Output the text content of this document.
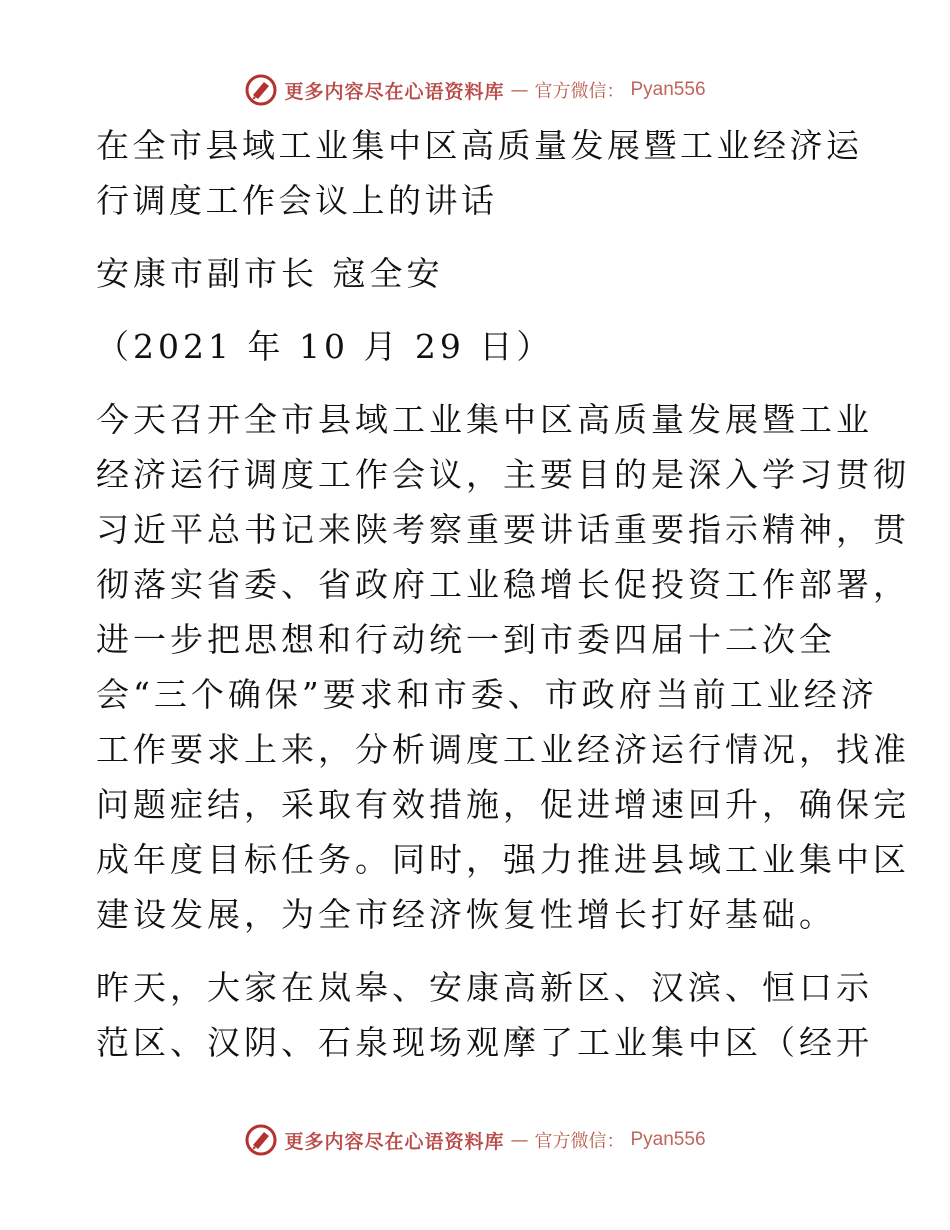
更多内容尽在心语资料库 — 官方微信： Pyan556
在全市县域工业集中区高质量发展暨工业经济运
行调度工作会议上的讲话
安康市副市长 寇全安
（2021 年 10 月 29 日）
今天召开全市县域工业集中区高质量发展暨工业
经济运行调度工作会议，主要目的是深入学习贯彻
习近平总书记来陕考察重要讲话重要指示精神，贯
彻落实省委、省政府工业稳增长促投资工作部署，
进一步把思想和行动统一到市委四届十二次全
会“三个确保”要求和市委、市政府当前工业经济
工作要求上来，分析调度工业经济运行情况，找准
问题症结，采取有效措施，促进增速回升，确保完
成年度目标任务。同时，强力推进县域工业集中区
建设发展，为全市经济恢复性增长打好基础。
昨天，大家在岚皋、安康高新区、汉滨、恒口示
范区、汉阴、石泉现场观摩了工业集中区（经开
更多内容尽在心语资料库 — 官方微信： Pyan556
